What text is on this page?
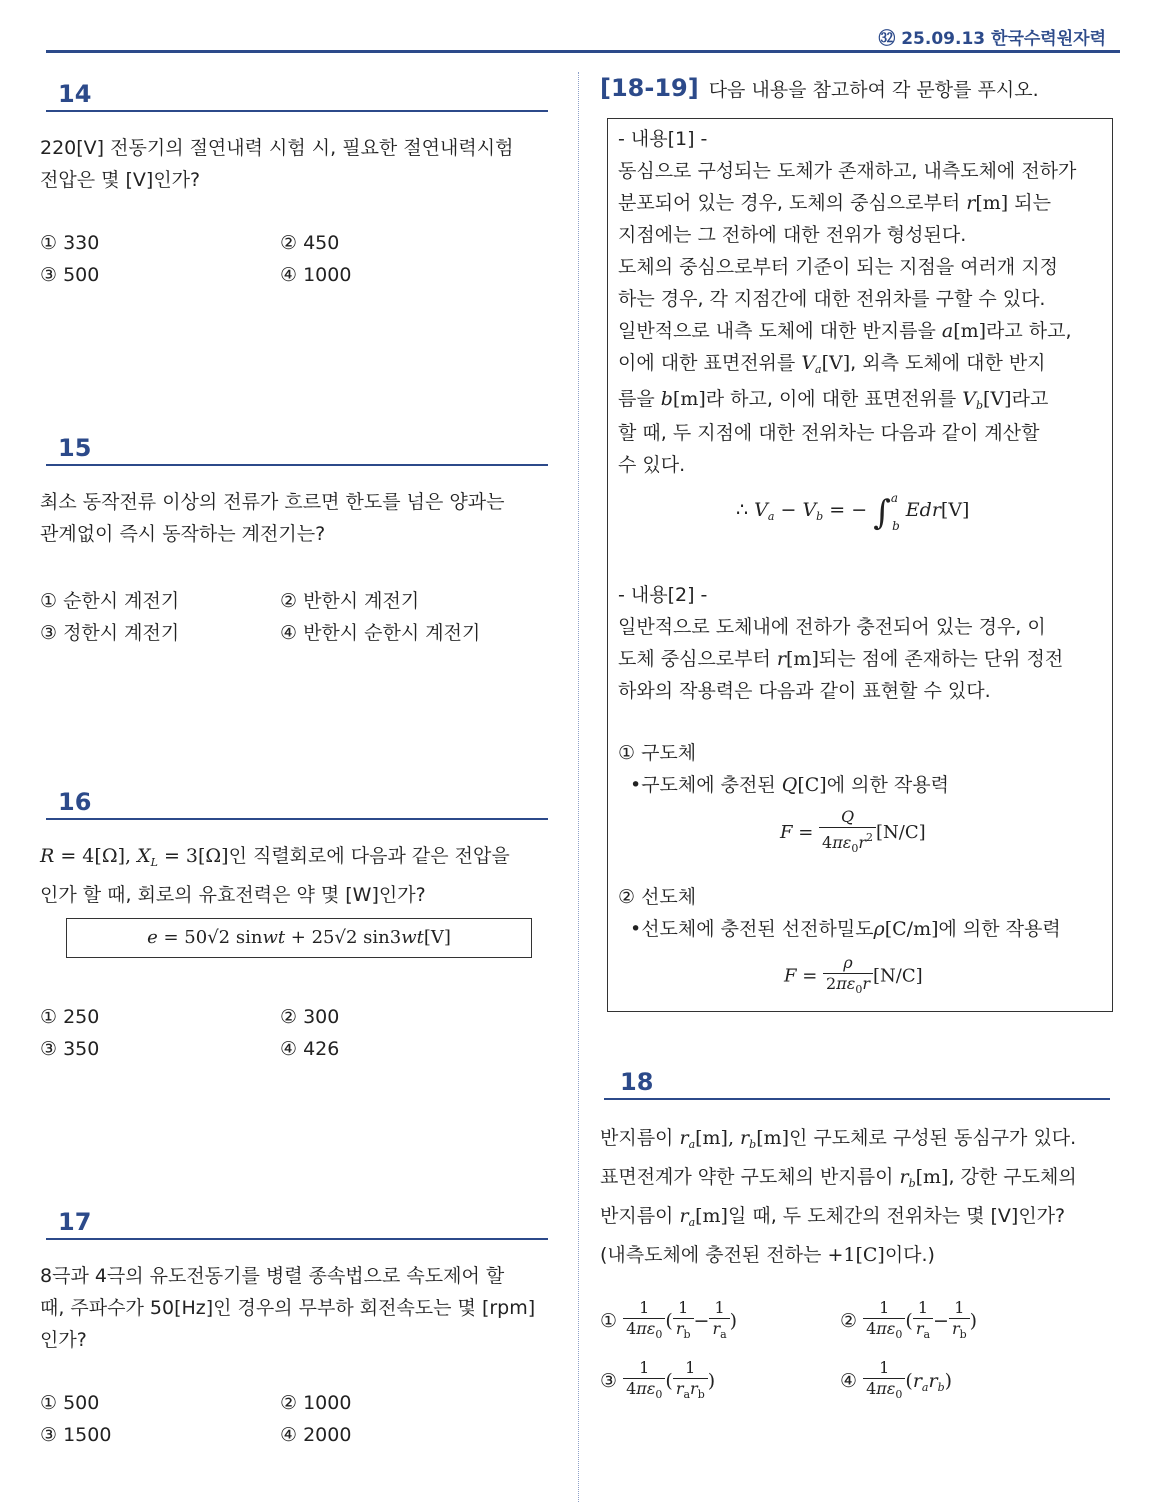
㉜ 25.09.13 한국수력원자력
14
220[V] 전동기의 절연내력 시험 시, 필요한 절연내력시험
전압은 몇 [V]인가?
① 330	② 450
③ 500	④ 1000
15
최소 동작전류 이상의 전류가 흐르면 한도를 넘은 양과는
관계없이 즉시 동작하는 계전기는?
① 순한시 계전기	② 반한시 계전기
③ 정한시 계전기	④ 반한시 순한시 계전기
16
R = 4[Ω], $X_L = 3[\Omega]$인 직렬회로에 다음과 같은 전압을
인가 할 때, 회로의 유효전력은 약 몇 [W]인가?
e = 50√2 sinwt + 25√2 sin3wt[V]
① 250	② 300
③ 350	④ 426
17
8극과 4극의 유도전동기를 병렬 종속법으로 속도제어 할
때, 주파수가 50[Hz]인 경우의 무부하 회전속도는 몇 [rpm]
인가?
① 500	② 1000
③ 1500	④ 2000
[18-19] 다음 내용을 참고하여 각 문항를 푸시오.
- 내용[1] -
동심으로 구성되는 도체가 존재하고, 내측도체에 전하가
분포되어 있는 경우, 도체의 중심으로부터 r[m] 되는
지점에는 그 전하에 대한 전위가 형성된다.
도체의 중심으로부터 기준이 되는 지점을 여러개 지정
하는 경우, 각 지점간에 대한 전위차를 구할 수 있다.
일반적으로 내측 도체에 대한 반지름을 a[m]라고 하고,
이에 대한 표면전위를 $V_a[V]$, 외측 도체에 대한 반지
름을 b[m]라 하고, 이에 대한 표면전위를 $V_b[V]$라고
할 때, 두 지점에 대한 전위차는 다음과 같이 계산할
수 있다.
∴ $V_a - V_b$ = − ∫$^a_b$ Edr[V]
- 내용[2] -
일반적으로 도체내에 전하가 충전되어 있는 경우, 이
도체 중심으로부터 r[m]되는 점에 존재하는 단위 정전
하와의 작용력은 다음과 같이 표현할 수 있다.
① 구도체
•구도체에 충전된 Q[C]에 의한 작용력
$F = \frac{Q}{4\pi\varepsilon_0r^2} [N/C]$
② 선도체
•선도체에 충전된 선전하밀도ρ[C/m]에 의한 작용력
$F = \frac{\rho}{2\pi\varepsilon_0r} [N/C]$
18
반지름이 $r_a[m]$, $r_b[m]$인 구도체로 구성된 동심구가 있다.
표면전계가 약한 구도체의 반지름이 $r_b[m]$, 강한 구도체의
반지름이 $r_a[m]$일 때, 두 도체간의 전위차는 몇 [V]인가?
(내측도체에 충전된 전하는 +1[C]이다.)
① $\frac{1}{4\pi\varepsilon_0}$ ( $\frac{1}{r_b} - \frac{1}{r_a}$ )	② $\frac{1}{4\pi\varepsilon_0}$ ( $\frac{1}{r_a} - \frac{1}{r_b}$ )
③ $\frac{1}{4\pi\varepsilon_0}$ ( $\frac{1}{r_ar_b}$ )	④ $\frac{1}{4\pi\varepsilon_0} (r_ar_b)$
